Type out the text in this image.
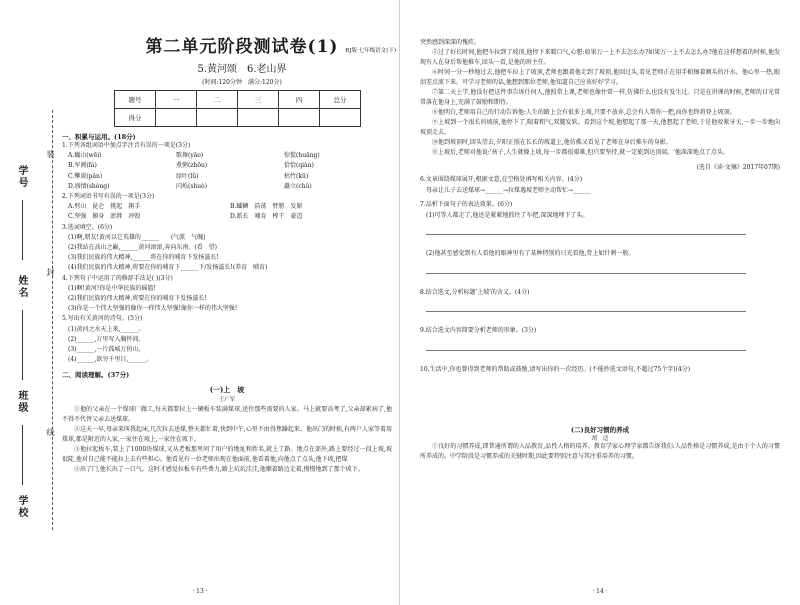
学号
姓名
班级
学校
装
封
线
RJ版·七年级语文(下)
第二单元阶段测试卷(1)
5.黄河颂　6.老山界
(时间:120分钟　满分:120分)
题号	一	二	三	四	总分
得分					
一、积累与运用。(18分)
1.下列各组词语中加点字注音有误的一项是(3分)
A.巍山(wēi)	歌舞(yāo)	惊慌(huāng)
B.军阀(fá)	煮粥(zhōu)	恰恰(qiàn)
C.攀谈(pān)	绿叶(lǜ)	枯竹(kū)
D.盛情(shèng)	闪烁(shuò)	矗立(chǔ)
2.下列词语书写有误的一项是(3分)
A.劈山　昆仑　挑起　掬手	B.蟠鳞　浩荡　臂膀　发原
C.坚强　俯身　澎湃　冲毁	D.派长　哺育　榨干　豪迈
3.选词填空。(6分)
(1)啊,朋友!黄河以它英雄的______　　(气派　气魄)
(2)我站在高山之巅,______黄河滚滚,奔向东南。(看　望)
(3)我们民族的伟大精神,______将在你的哺育下发扬滋长!
(4)我们民族的伟大精神,将要在你的哺育下______下/发扬滋长!(养育　哺育)
4.下列句子中运用了的修辞手法是( )(3分)
(1)啊!黄河!你是中华民族的摇篮!
(2)我们民族的伟大精神,将要在你的哺育下发扬滋长!
(3)你是一个伟大坚强的像你一样伟大坚强!像你一样的伟大坚强!
5.写出有关黄河的诗句。(5分)
(1)黄河之水天上来,______。
(2)______,万里写入胸怀间。
(3)______,一片孤城万仞山。
(4)______,欲穷千里目,______。
二、阅读理解。(37分)
(一)上　坡
王广军
①他的父亲在一个煤球厂做工,每天都要拉上一辆板车装满煤球,送往那些需要的人家。马上就要高考了,父亲却累病了,他不得不代替父亲去送煤球。
②这天一早,母亲来叫我起床,几次拉去送煤,整天都忙着,快到中午,心里不由得焦躁起来。他出门的时候,有两户人家等着用煤球,都是附近的人家,一家住在坡上,一家住在坡下。
③他拉起板车,装上了1000块煤球,又从老板那里问了用户的地址和姓名,就上了路。地点在郊外,路上要经过一段上坡,坡很陡,他对自己能不能拉上去有些担心。他看见有一位老师出现在他面前,他看着他,向他点了点头,他下坡,把煤
④出了门,他长出了一口气。这时才感觉拉板车有些费力,路上坑坑洼洼,他顺着路边走着,慢慢地到了那个坡下。
· 13 ·
突然感到深深的愧疚。
⑤过了好长时间,他把车拉到了坡顶,他停下来喘口气,心想:如果万一上不去怎么办?如果万一上不去怎么办?他在这样想着的时候,他发现有人在身后帮他推车,回头一看,是他的班主任。
⑥时间一分一秒地过去,他把车拉上了坡顶,老师也跟着他走到了坡顶,他回过头,看见老师正在用手帕擦着额头的汗水。他心里一热,眼泪差点流下来。可学习老师的话,他想到那位老师,他知道自己应该好好学习。
⑦第二天上学,他没有把这件事告诉任何人,他照常上课,老师也像往常一样,仿佛什么也没有发生过。只是在讲课的时候,老师的目光常常落在他身上,充满了鼓励和期待。
⑧他明白,老师用自己的行动告诉他:人生的路上会有很多上坡,只要不放弃,总会有人帮你一把,而你也终将登上坡顶。
⑨上坡到一个很长的坡前,他停下了,喘着粗气,双腿发软。看到这个坡,他想起了那一天,他想起了老师,于是他咬紧牙关,一步一步地向坡顶走去。
⑩他到坡顶时,回头望去,夕阳正照在长长的坡道上,他仿佛又看见了老师在身后推车的身影。
⑪上坡后,老师对他说:'孩子,人生就像上坡,每一步都很艰难,但只要坚持,就一定能到达顶端。'他深深地点了点头。
(选自《读·文摘》2017年07期)
6.文章围绕煤球展开,根据文意,在空格处填写相关内容。(4分)
母亲让儿子去送煤球→______→拉煤遇坡老师主动帮忙→______
7.品析下面句子的表达效果。(6分)
(1)可等人都走了,他还是紧紧地抓住了车把,深深地埋下了头。
(2)他甚至感觉到有人看他的眼神里有了某种特别的日光看他,背上如针刺一般。
8.结合选文,分析标题'上坡'的含义。(4分)
9.结合选文内容简要分析老师的形象。(3分)
10.生活中,你也曾得到老师的帮助或鼓励,请写出你的一次经历。(不能抄选文语句,不超过75个字)(4分)
(二)良好习惯的养成
胡　适
①良好的习惯养成,即普通所谓的人品教育,品性人格的培养。教育学家心理学家都告诉我们:人品性格是习惯养成,是由于个人的习惯所养成的。中学阶段是习惯养成的关键时期,因此要特别注意与其注重培养的习惯。
· 14 ·
